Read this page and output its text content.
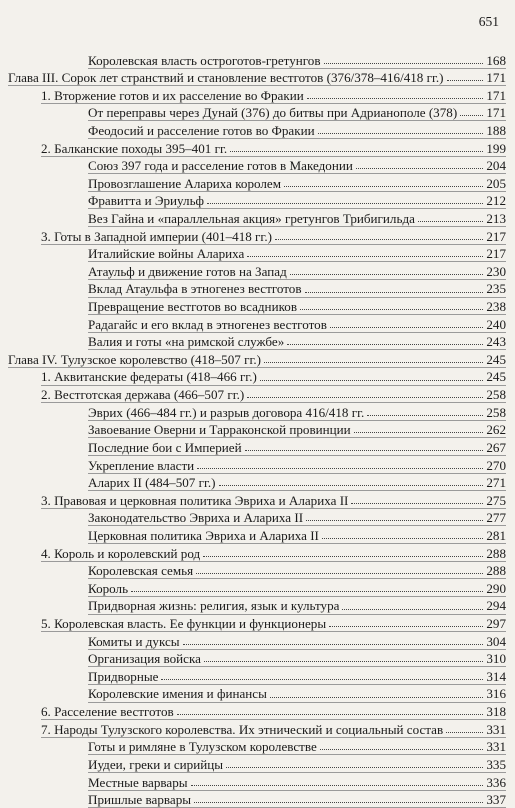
651
Королевская власть остроготов-гретунгов	168
Глава III. Сорок лет странствий и становление вестготов (376/378–416/418 гг.)	171
1. Вторжение готов и их расселение во Фракии	171
От переправы через Дунай (376) до битвы при Адрианополе (378) 171
Феодосий и расселение готов во Фракии	188
2. Балканские походы 395–401 гг.	199
Союз 397 года и расселение готов в Македонии	204
Провозглашение Алариха королем	205
Фравитта и Эриульф	212
Вез Гайна и «параллельная акция» гретунгов Трибигильда	213
3. Готы в Западной империи (401–418 гг.)	217
Италийские войны Алариха	217
Атаульф и движение готов на Запад	230
Вклад Атаульфа в этногенез вестготов	235
Превращение вестготов во всадников	238
Радагайс и его вклад в этногенез вестготов	240
Валия и готы «на римской службе»	243
Глава IV. Тулузское королевство (418–507 гг.)	245
1. Аквитанские федераты (418–466 гг.)	245
2. Вестготская держава (466–507 гг.)	258
Эврих (466–484 гг.) и разрыв договора 416/418 гг.	258
Завоевание Оверни и Тарраконской провинции	262
Последние бои с Империей	267
Укрепление власти	270
Аларих II (484–507 гг.)	271
3. Правовая и церковная политика Эвриха и Алариха II	275
Законодательство Эвриха и Алариха II	277
Церковная политика Эвриха и Алариха II	281
4. Король и королевский род	288
Королевская семья	288
Король	290
Придворная жизнь: религия, язык и культура	294
5. Королевская власть. Ее функции и функционеры	297
Комиты и дуксы	304
Организация войска	310
Придворные	314
Королевские имения и финансы	316
6. Расселение вестготов	318
7. Народы Тулузского королевства. Их этнический и социальный состав	331
Готы и римляне в Тулузском королевстве	331
Иудеи, греки и сирийцы	335
Местные варвары	336
Пришлые варвары	337
